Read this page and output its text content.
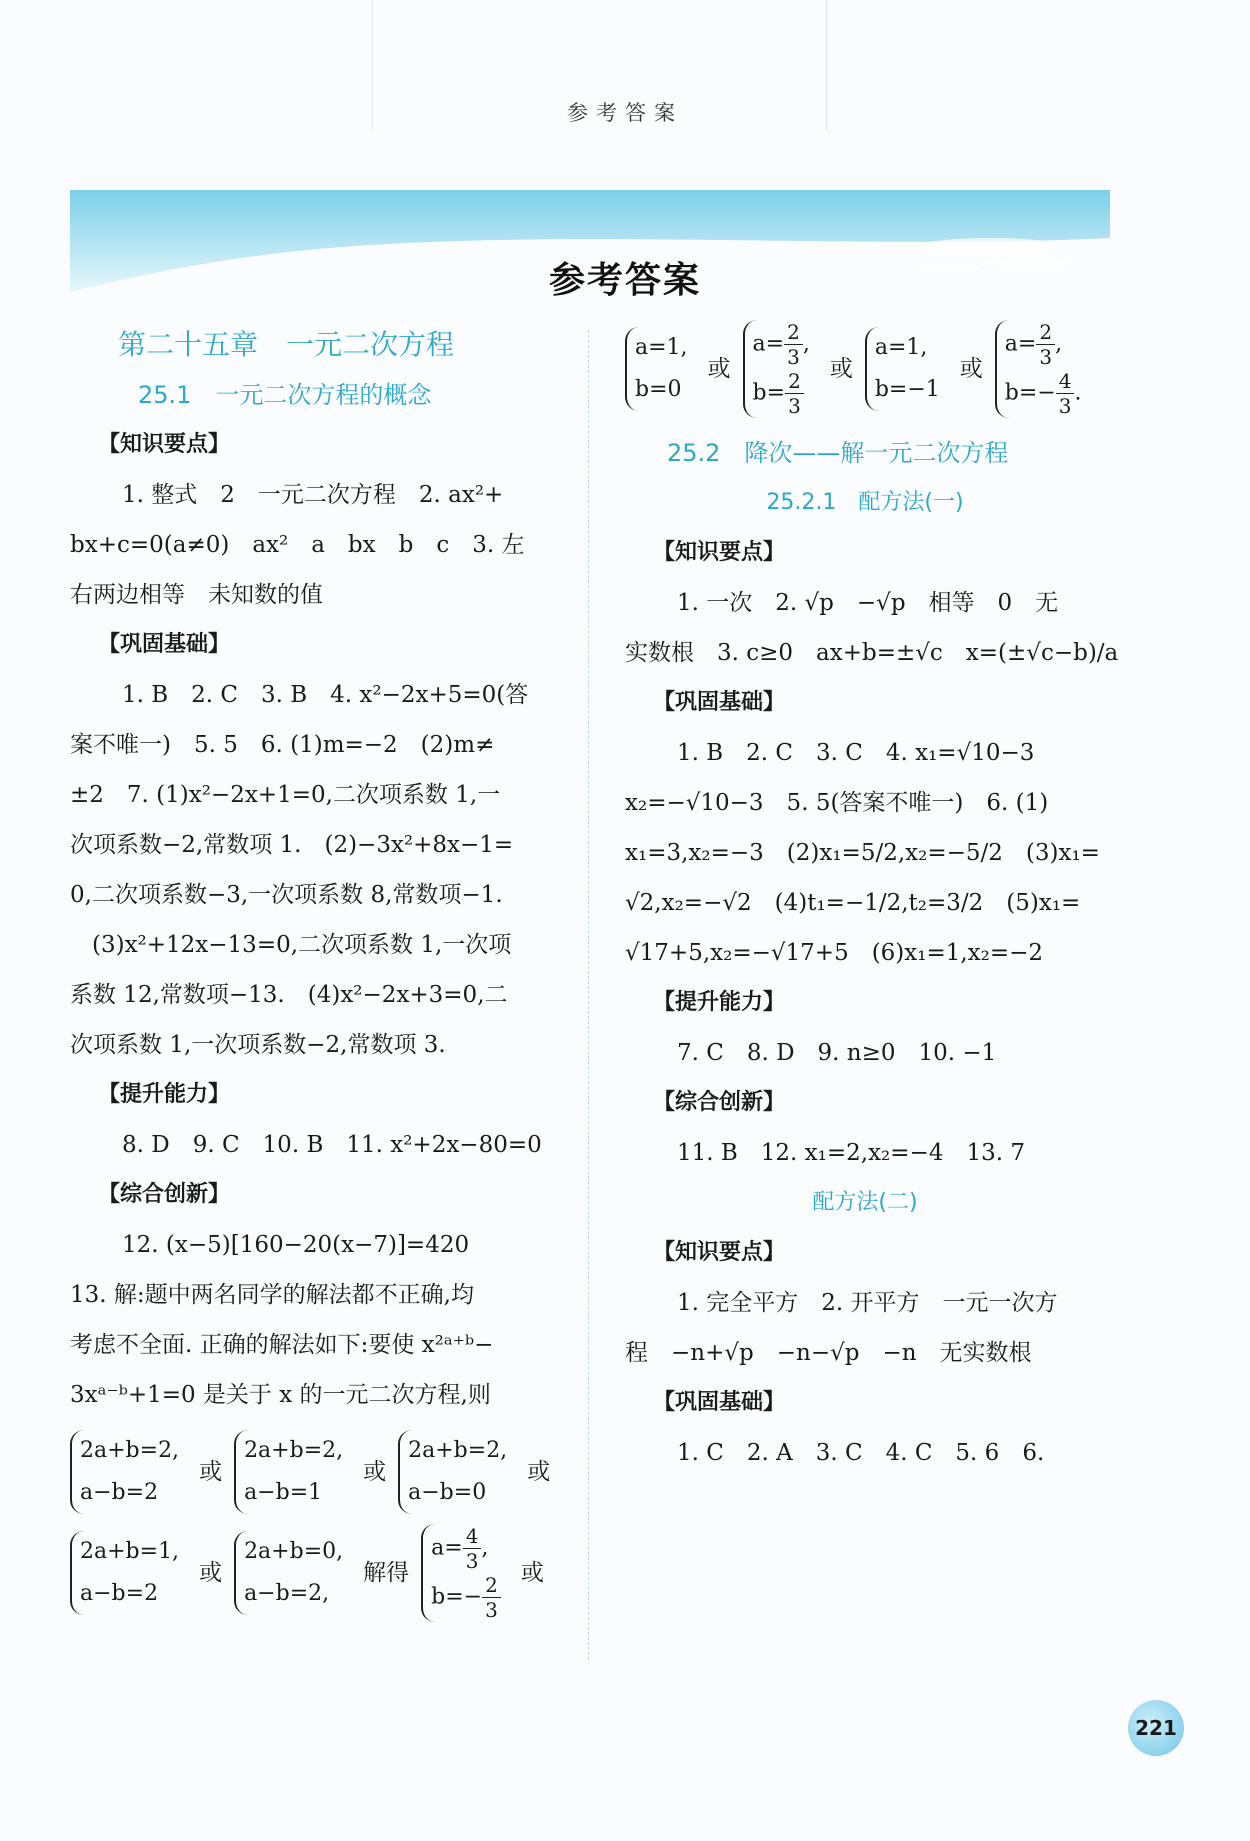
参考答案
参考答案
第二十五章　一元二次方程
25.1　一元二次方程的概念
【知识要点】
1. 整式　2　一元二次方程　2. ax²+
bx+c=0(a≠0)　ax²　a　bx　b　c　3. 左
右两边相等　未知数的值
【巩固基础】
1. B　2. C　3. B　4. x²−2x+5=0(答
案不唯一)　5. 5　6. (1)m=−2　(2)m≠
±2　7. (1)x²−2x+1=0,二次项系数 1,一
次项系数−2,常数项 1.　(2)−3x²+8x−1=
0,二次项系数−3,一次项系数 8,常数项−1.
(3)x²+12x−13=0,二次项系数 1,一次项
系数 12,常数项−13.　(4)x²−2x+3=0,二
次项系数 1,一次项系数−2,常数项 3.
【提升能力】
8. D　9. C　10. B　11. x²+2x−80=0
【综合创新】
12. (x−5)[160−20(x−7)]=420
13. 解:题中两名同学的解法都不正确,均
考虑不全面. 正确的解法如下:要使 x²ᵃ⁺ᵇ−
3xᵃ⁻ᵇ+1=0 是关于 x 的一元二次方程,则
2a+b=2,
a−b=2
或
2a+b=2,
a−b=1
或
2a+b=2,
a−b=0
或
2a+b=1,
a−b=2
或
2a+b=0,
a−b=2,
解得
$a= \frac{4}{3}$ ,
$b=- \frac{2}{3}$ 或
a=1,
b=0
或
$a= \frac{2}{3}$ ,
$b= \frac{2}{3}$ 或
a=1,
b=−1
或
$a= \frac{2}{3}$ ,
$b=- \frac{4}{3}$ .
25.2　降次——解一元二次方程
25.2.1　配方法(一)
【知识要点】
1. 一次　2. √p　−√p　相等　0　无
实数根　3. c≥0　ax+b=±√c　x=(±√c−b)/a
【巩固基础】
1. B　2. C　3. C　4. x₁=√10−3
x₂=−√10−3　5. 5(答案不唯一)　6. (1)
x₁=3,x₂=−3　(2)x₁=5/2,x₂=−5/2　(3)x₁=
√2,x₂=−√2　(4)t₁=−1/2,t₂=3/2　(5)x₁=
√17+5,x₂=−√17+5　(6)x₁=1,x₂=−2
【提升能力】
7. C　8. D　9. n≥0　10. −1
【综合创新】
11. B　12. x₁=2,x₂=−4　13. 7
配方法(二)
【知识要点】
1. 完全平方　2. 开平方　一元一次方
程　−n+√p　−n−√p　−n　无实数根
【巩固基础】
1. C　2. A　3. C　4. C　5. 6　6.
221
